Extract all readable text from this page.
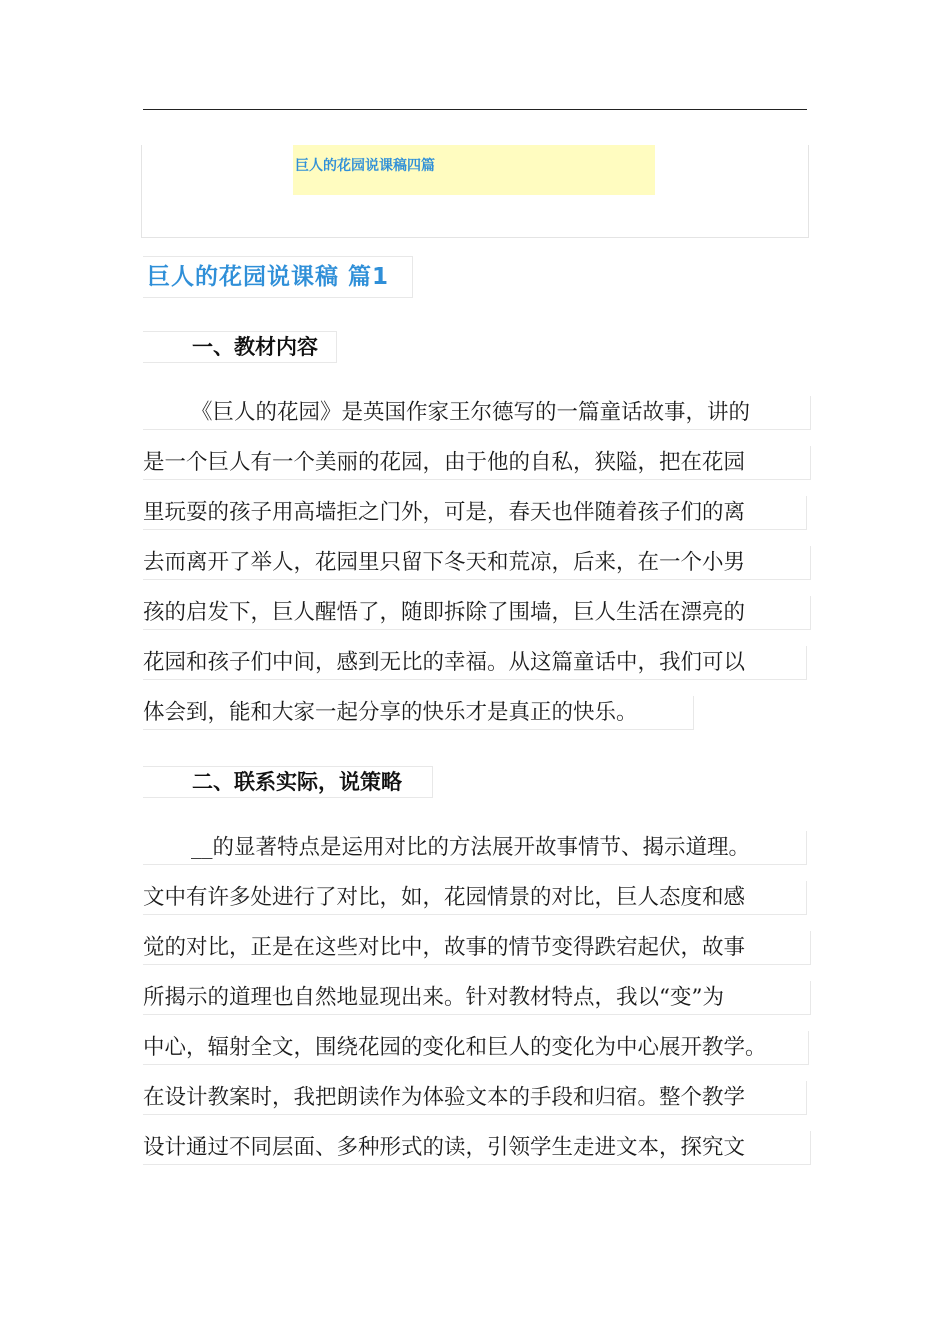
巨人的花园说课稿四篇
巨人的花园说课稿 篇1
一、教材内容
《巨人的花园》是英国作家王尔德写的一篇童话故事，讲的
是一个巨人有一个美丽的花园，由于他的自私，狭隘，把在花园
里玩耍的孩子用高墙拒之门外，可是，春天也伴随着孩子们的离
去而离开了举人，花园里只留下冬天和荒凉，后来，在一个小男
孩的启发下，巨人醒悟了，随即拆除了围墙，巨人生活在漂亮的
花园和孩子们中间，感到无比的幸福。从这篇童话中，我们可以
体会到，能和大家一起分享的快乐才是真正的快乐。
二、联系实际，说策略
__的显著特点是运用对比的方法展开故事情节、揭示道理。
文中有许多处进行了对比，如，花园情景的对比，巨人态度和感
觉的对比，正是在这些对比中，故事的情节变得跌宕起伏，故事
所揭示的道理也自然地显现出来。针对教材特点，我以“变”为
中心，辐射全文，围绕花园的变化和巨人的变化为中心展开教学。
在设计教案时，我把朗读作为体验文本的手段和归宿。整个教学
设计通过不同层面、多种形式的读，引领学生走进文本，探究文
